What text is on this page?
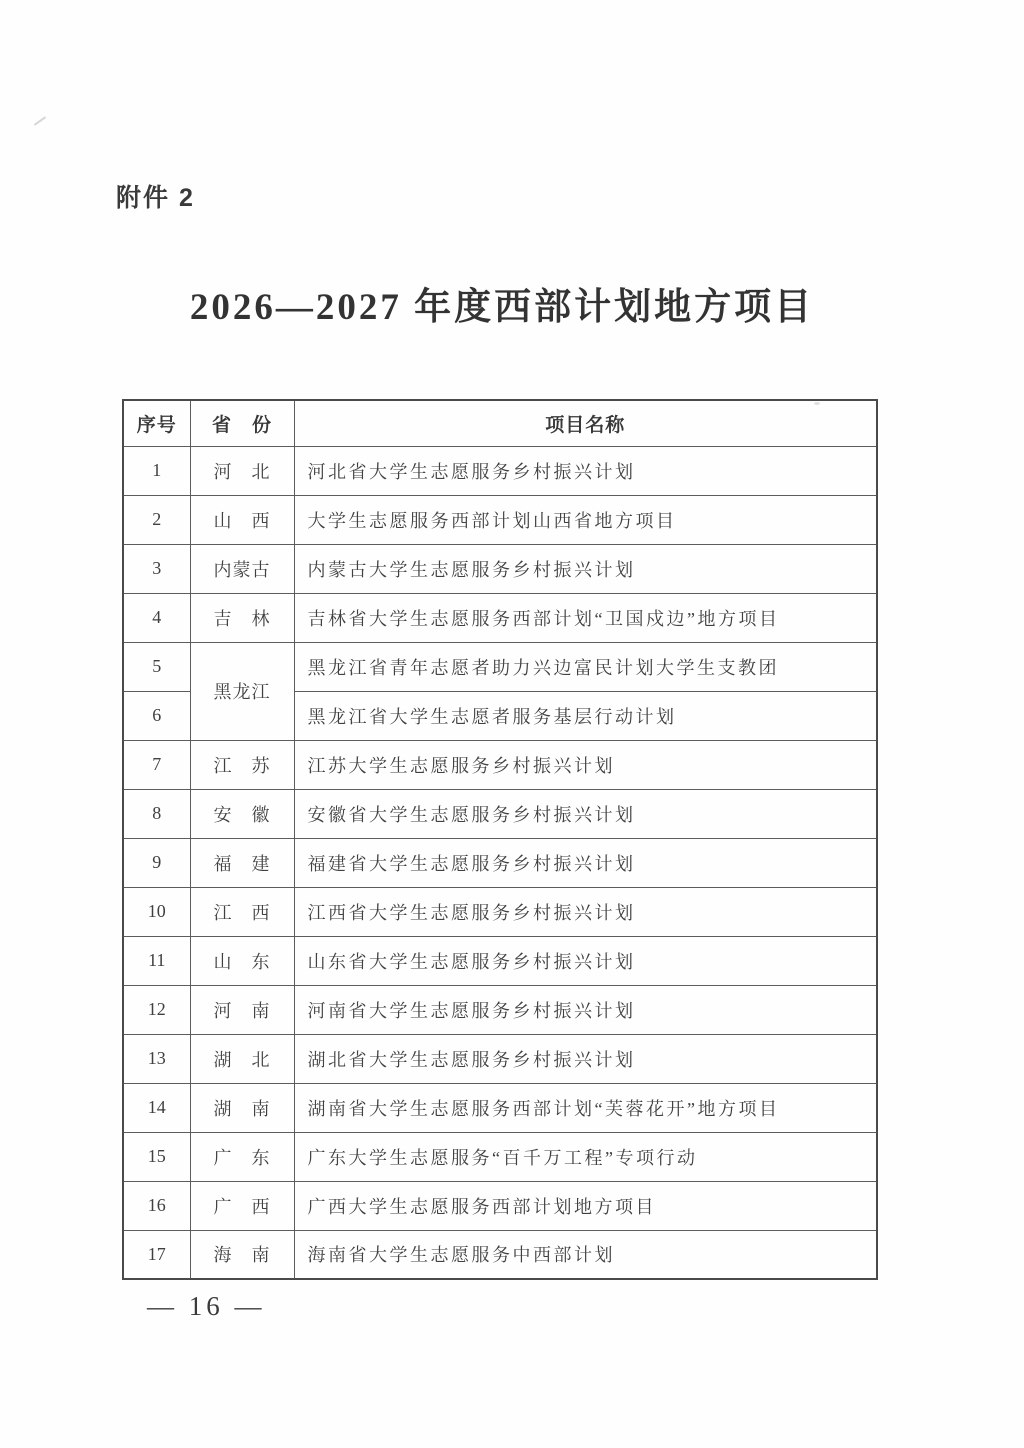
附件 2
2026—2027 年度西部计划地方项目
序号	省　份	项目名称
1	河　北	河北省大学生志愿服务乡村振兴计划
2	山　西	大学生志愿服务西部计划山西省地方项目
3	内蒙古	内蒙古大学生志愿服务乡村振兴计划
4	吉　林	吉林省大学生志愿服务西部计划“卫国戍边”地方项目
5	黑龙江	黑龙江省青年志愿者助力兴边富民计划大学生支教团
6		黑龙江省大学生志愿者服务基层行动计划
7	江　苏	江苏大学生志愿服务乡村振兴计划
8	安　徽	安徽省大学生志愿服务乡村振兴计划
9	福　建	福建省大学生志愿服务乡村振兴计划
10	江　西	江西省大学生志愿服务乡村振兴计划
11	山　东	山东省大学生志愿服务乡村振兴计划
12	河　南	河南省大学生志愿服务乡村振兴计划
13	湖　北	湖北省大学生志愿服务乡村振兴计划
14	湖　南	湖南省大学生志愿服务西部计划“芙蓉花开”地方项目
15	广　东	广东大学生志愿服务“百千万工程”专项行动
16	广　西	广西大学生志愿服务西部计划地方项目
17	海　南	海南省大学生志愿服务中西部计划
— 16 —
